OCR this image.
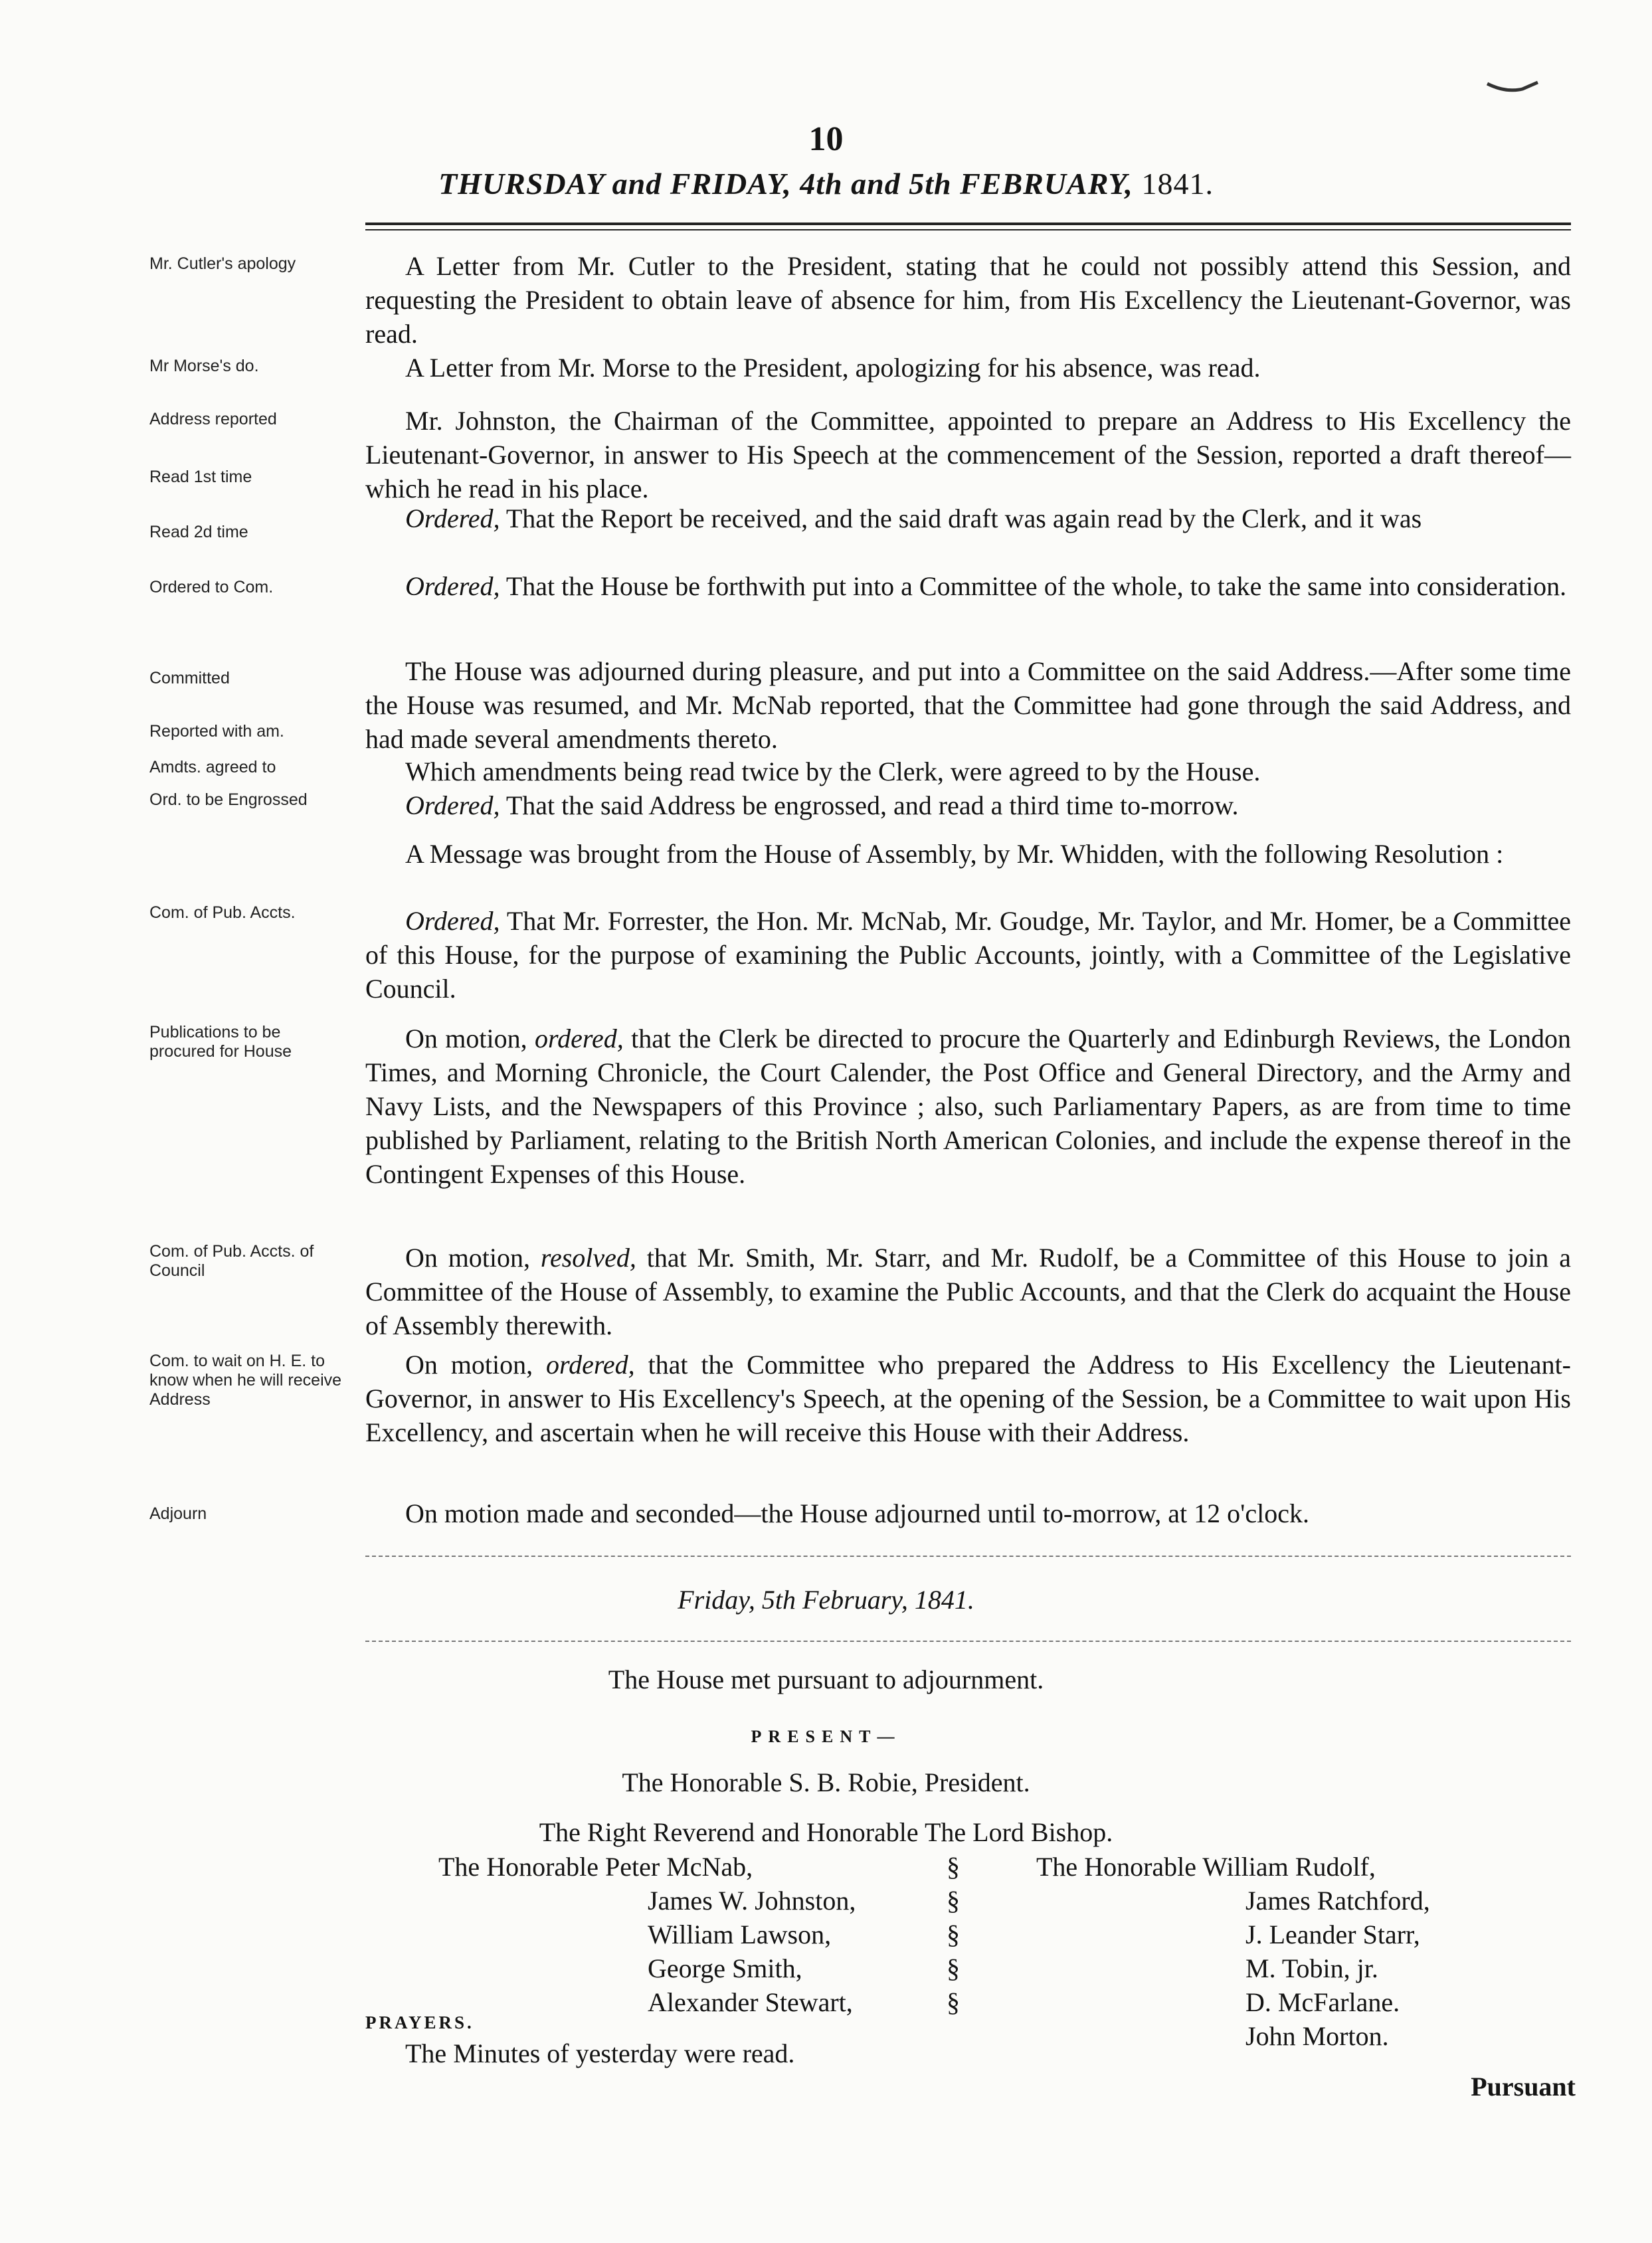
10
THURSDAY and FRIDAY, 4th and 5th FEBRUARY, 1841.
Mr. Cutler's apology
Mr Morse's do.
Address reported
Read 1st time
Read 2d time
Ordered to Com.
Committed
Reported with am.
Amdts. agreed to
Ord. to be Engrossed
Com. of Pub. Accts.
Publications to be procured for House
Com. of Pub. Accts. of Council
Com. to wait on H. E. to know when he will receive Address
Adjourn
A Letter from Mr. Cutler to the President, stating that he could not possibly attend this Session, and requesting the President to obtain leave of absence for him, from His Excellency the Lieutenant-Governor, was read.
A Letter from Mr. Morse to the President, apologizing for his absence, was read.
Mr. Johnston, the Chairman of the Committee, appointed to prepare an Address to His Excellency the Lieutenant-Governor, in answer to His Speech at the commencement of the Session, reported a draft thereof—which he read in his place.
Ordered, That the Report be received, and the said draft was again read by the Clerk, and it was
Ordered, That the House be forthwith put into a Committee of the whole, to take the same into consideration.
The House was adjourned during pleasure, and put into a Committee on the said Address.—After some time the House was resumed, and Mr. McNab reported, that the Committee had gone through the said Address, and had made several amendments thereto.
Which amendments being read twice by the Clerk, were agreed to by the House.
Ordered, That the said Address be engrossed, and read a third time to-morrow.
A Message was brought from the House of Assembly, by Mr. Whidden, with the following Resolution :
Ordered, That Mr. Forrester, the Hon. Mr. McNab, Mr. Goudge, Mr. Taylor, and Mr. Homer, be a Committee of this House, for the purpose of examining the Public Accounts, jointly, with a Committee of the Legislative Council.
On motion, ordered, that the Clerk be directed to procure the Quarterly and Edinburgh Reviews, the London Times, and Morning Chronicle, the Court Calender, the Post Office and General Directory, and the Army and Navy Lists, and the Newspapers of this Province ; also, such Parliamentary Papers, as are from time to time published by Parliament, relating to the British North American Colonies, and include the expense thereof in the Contingent Expenses of this House.
On motion, resolved, that Mr. Smith, Mr. Starr, and Mr. Rudolf, be a Committee of this House to join a Committee of the House of Assembly, to examine the Public Accounts, and that the Clerk do acquaint the House of Assembly therewith.
On motion, ordered, that the Committee who prepared the Address to His Excellency the Lieutenant-Governor, in answer to His Excellency's Speech, at the opening of the Session, be a Committee to wait upon His Excellency, and ascertain when he will receive this House with their Address.
On motion made and seconded—the House adjourned until to-morrow, at 12 o'clock.
Friday, 5th February, 1841.
The House met pursuant to adjournment.
PRESENT—
The Honorable S. B. Robie, President.
The Right Reverend and Honorable The Lord Bishop.
The Honorable Peter McNab,
James W. Johnston,
William Lawson,
George Smith,
Alexander Stewart,
§
§
§
§
§
The Honorable William Rudolf,
James Ratchford,
J. Leander Starr,
M. Tobin, jr.
D. McFarlane.
John Morton.
PRAYERS.
The Minutes of yesterday were read.
Pursuant
